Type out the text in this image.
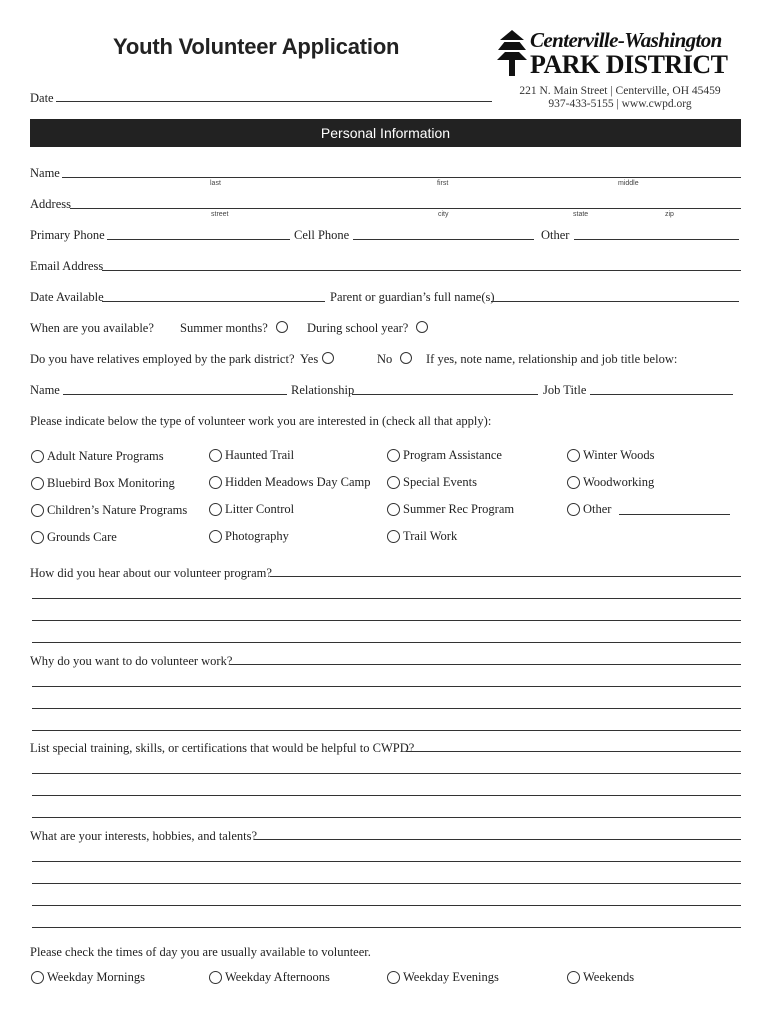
Youth Volunteer Application	Centerville-Washington
PARK DISTRICT
221 N. Main Street | Centerville, OH 45459
937-433-5155 | www.cwpd.org
Date
Personal Information
Name
last	first	middle
Address
street	city	state	zip
Primary Phone	Cell Phone	Other
Email Address
Date Available	Parent or guardian’s full name(s)
When are you available? Summer months?	During school year?
Do you have relatives employed by the park district? Yes	No	If yes, note name, relationship and job title below:
Name	Relationship	Job Title
Please indicate below the type of volunteer work you are interested in (check all that apply):
Adult Nature Programs	Haunted Trail	Program Assistance	Winter Woods
Bluebird Box Monitoring	Hidden Meadows Day Camp	Special Events	Woodworking
Children’s Nature Programs	Litter Control	Summer Rec Program	Other
Grounds Care	Photography	Trail Work
How did you hear about our volunteer program?
Why do you want to do volunteer work?
List special training, skills, or certifications that would be helpful to CWPD?
What are your interests, hobbies, and talents?
Please check the times of day you are usually available to volunteer.
Weekday Mornings	Weekday Afternoons	Weekday Evenings	Weekends
